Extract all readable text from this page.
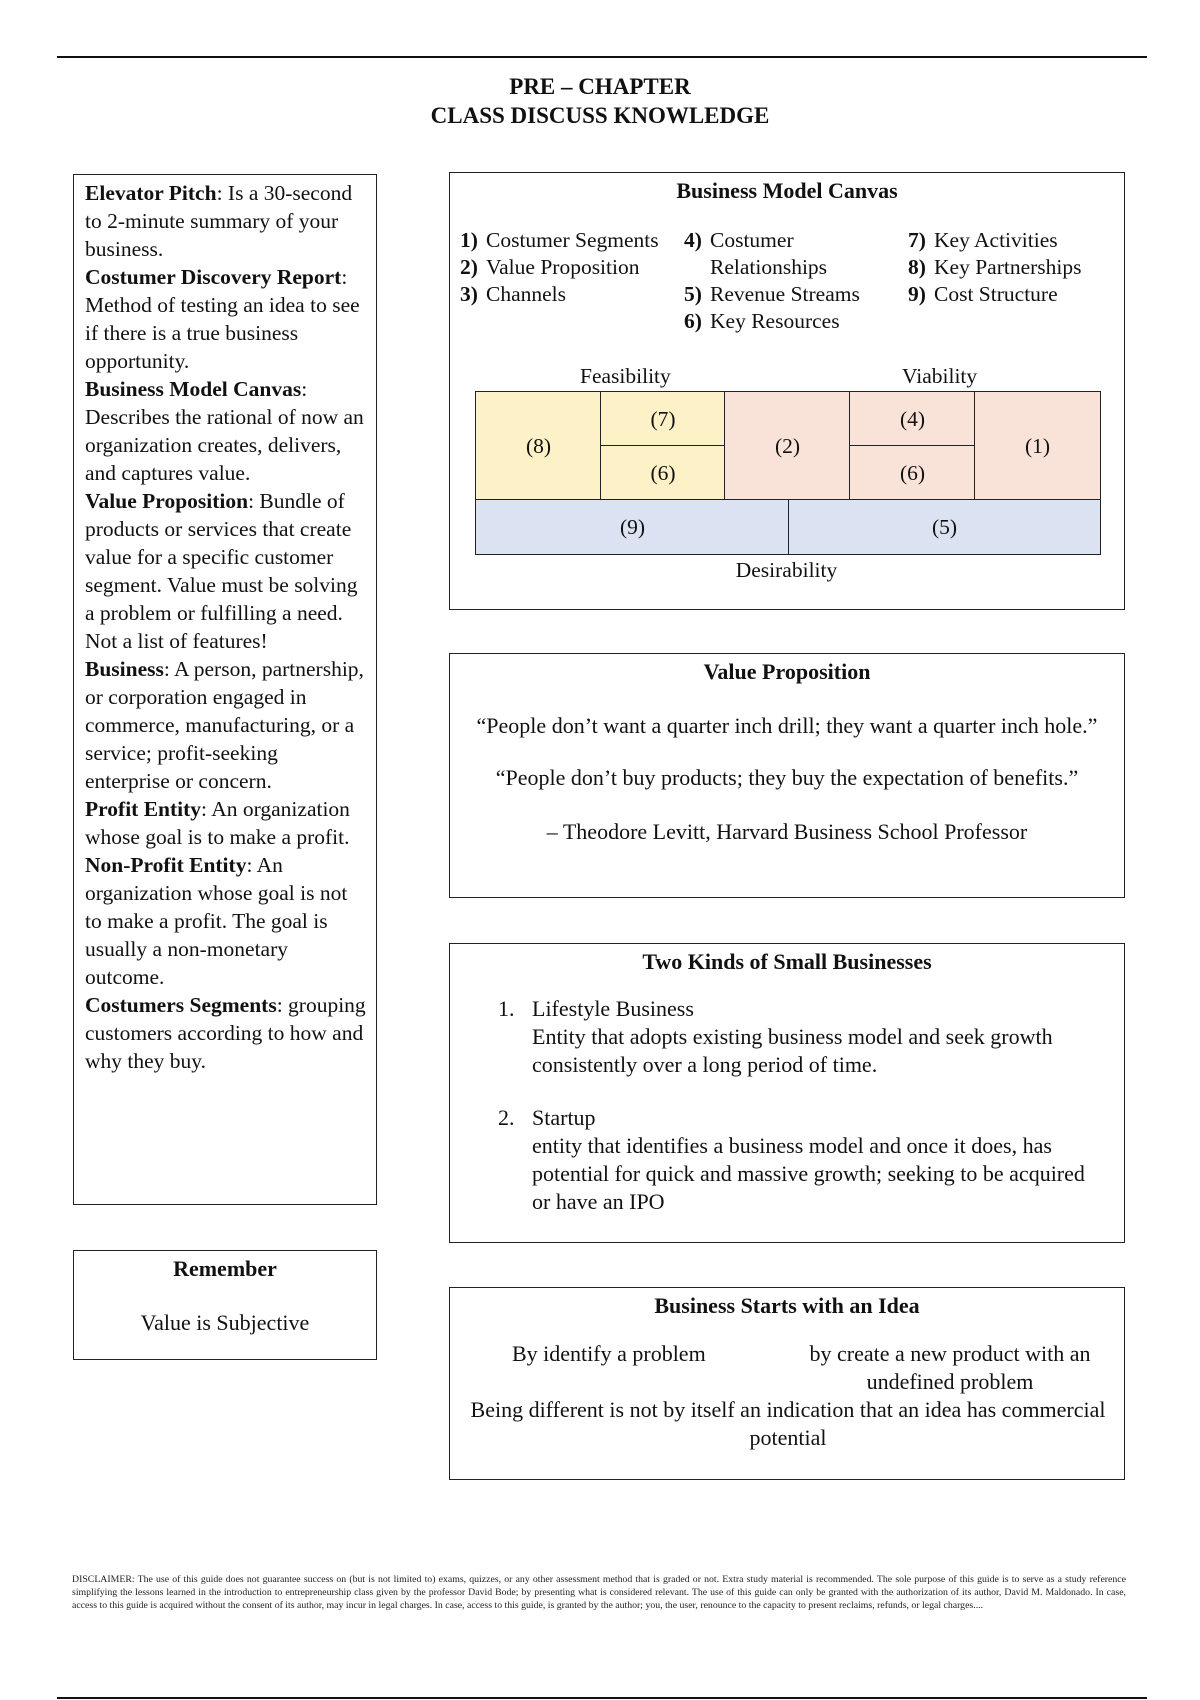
PRE – CHAPTER
CLASS DISCUSS KNOWLEDGE

Elevator Pitch: Is a 30-second to 2-minute summary of your business.

Costumer Discovery Report: Method of testing an idea to see if there is a true business opportunity.

Business Model Canvas: Describes the rational of now an organization creates, delivers, and captures value.

Value Proposition: Bundle of products or services that create value for a specific customer segment. Value must be solving a problem or fulfilling a need. Not a list of features!

Business: A person, partnership, or corporation engaged in commerce, manufacturing, or a service; profit-seeking enterprise or concern.

Profit Entity: An organization whose goal is to make a profit.

Non-Profit Entity: An organization whose goal is not to make a profit. The goal is usually a non-monetary outcome.

Costumers Segments: grouping customers according to how and why they buy.

Remember
Value is Subjective
Business Model Canvas
1) Costumer Segments
2) Value Proposition
3) Channels
4) Costumer Relationships
5) Revenue Streams
6) Key Resources
7) Key Activities
8) Key Partnerships
9) Cost Structure
Feasibility	Viability
(8)
(7)
(6)
(2)
(4)
(6)
(1)
(9)	(5)
Desirability
Value Proposition
“People don’t want a quarter inch drill; they want a quarter inch hole.”
“People don’t buy products; they buy the expectation of benefits.”
– Theodore Levitt, Harvard Business School Professor
Two Kinds of Small Businesses
1. Lifestyle Business
Entity that adopts existing business model and seek growth consistently over a long period of time.
2. Startup
entity that identifies a business model and once it does, has potential for quick and massive growth; seeking to be acquired or have an IPO
Business Starts with an Idea
By identify a problem	by create a new product with an undefined problem
Being different is not by itself an indication that an idea has commercial potential
DISCLAIMER: The use of this guide does not guarantee success on (but is not limited to) exams, quizzes, or any other assessment method that is graded or not. Extra study material is recommended. The sole purpose of this guide is to serve as a study reference simplifying the lessons learned in the introduction to entrepreneurship class given by the professor David Bode; by presenting what is considered relevant. The use of this guide can only be granted with the authorization of its author, David M. Maldonado. In case, access to this guide is acquired without the consent of its author, may incur in legal charges. In case, access to this guide, is granted by the author; you, the user, renounce to the capacity to present reclaims, refunds, or legal charges....
